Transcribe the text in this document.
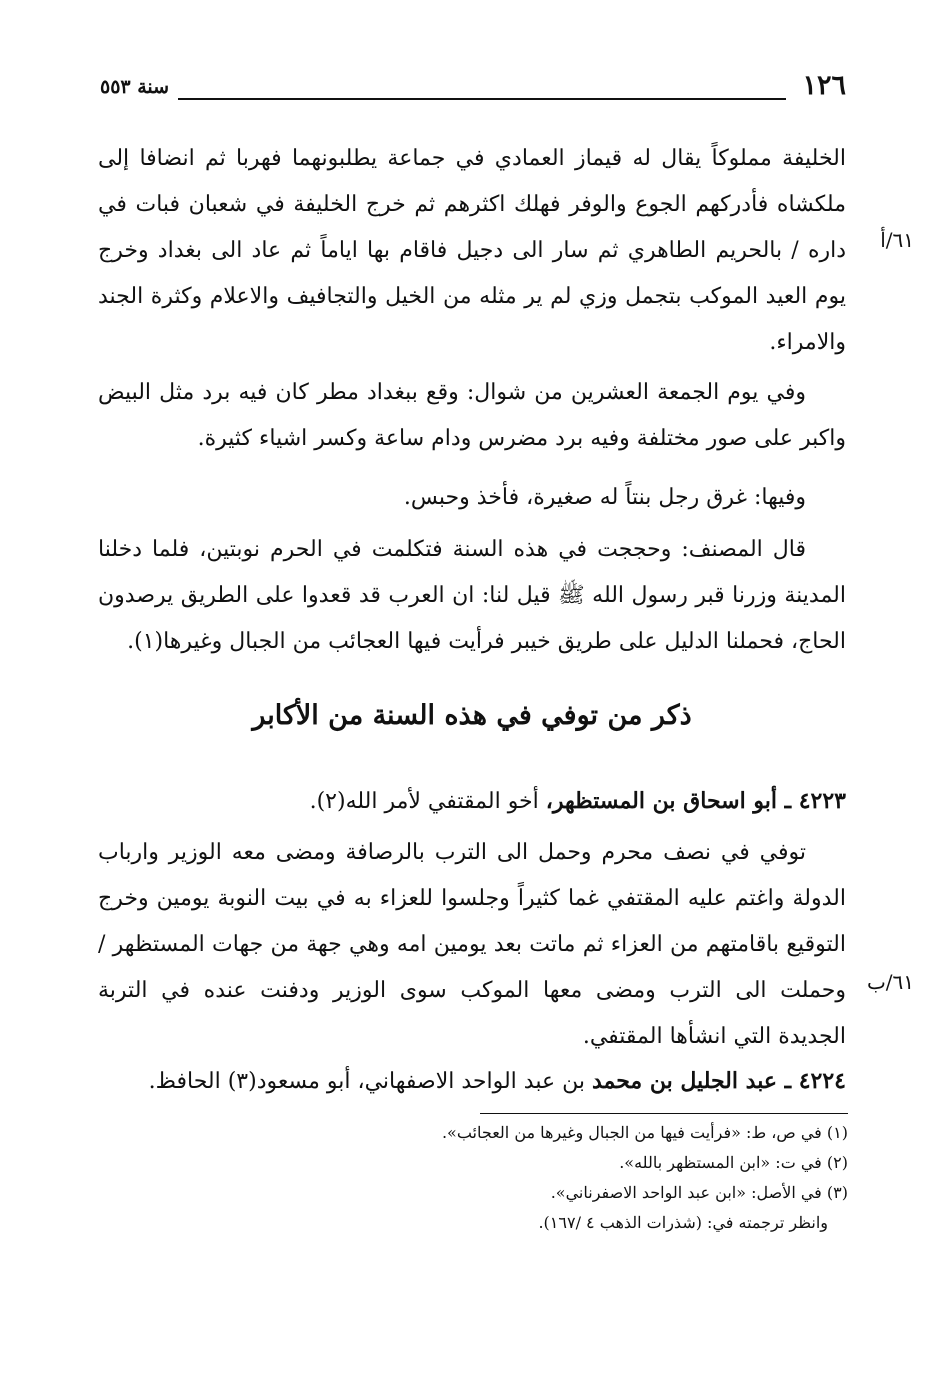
١٢٦
سنة ٥٥٣

الخليفة مملوكاً يقال له قيماز العمادي في جماعة يطلبونهما فهربا ثم انضافا إلى ملكشاه فأدركهم الجوع والوفر فهلك اكثرهم ثم خرج الخليفة في شعبان فبات في داره / بالحريم الطاهري ثم سار الى دجيل فاقام بها اياماً ثم عاد الى بغداد وخرج يوم العيد الموكب بتجمل وزي لم ير مثله من الخيل والتجافيف والاعلام وكثرة الجند والامراء.

٦١/أ

وفي يوم الجمعة العشرين من شوال: وقع ببغداد مطر كان فيه برد مثل البيض واكبر على صور مختلفة وفيه برد مضرس ودام ساعة وكسر اشياء كثيرة.

وفيها: غرق رجل بنتاً له صغيرة، فأخذ وحبس.

قال المصنف: وحججت في هذه السنة فتكلمت في الحرم نوبتين، فلما دخلنا المدينة وزرنا قبر رسول الله ﷺ قيل لنا: ان العرب قد قعدوا على الطريق يرصدون الحاج، فحملنا الدليل على طريق خيبر فرأيت فيها العجائب من الجبال وغيرها(١).

ذكر من توفي في هذه السنة من الأكابر

٤٢٢٣ ـ أبو اسحاق بن المستظهر، أخو المقتفي لأمر الله(٢).

توفي في نصف محرم وحمل الى الترب بالرصافة ومضى معه الوزير وارباب الدولة واغتم عليه المقتفي غما كثيراً وجلسوا للعزاء به في بيت النوبة يومين وخرج التوقيع باقامتهم من العزاء ثم ماتت بعد يومين امه وهي جهة من جهات المستظهر / وحملت الى الترب ومضى معها الموكب سوى الوزير ودفنت عنده في التربة الجديدة التي انشأها المقتفي.

٦١/ب

٤٢٢٤ ـ عبد الجليل بن محمد بن عبد الواحد الاصفهاني، أبو مسعود(٣) الحافظ.

(١) في ص، ط: «فرأيت فيها من الجبال وغيرها من العجائب».

(٢) في ت: «ابن المستظهر بالله».

(٣) في الأصل: «ابن عبد الواحد الاصفرناني».

وانظر ترجمته في: (شذرات الذهب ٤ /١٦٧).
